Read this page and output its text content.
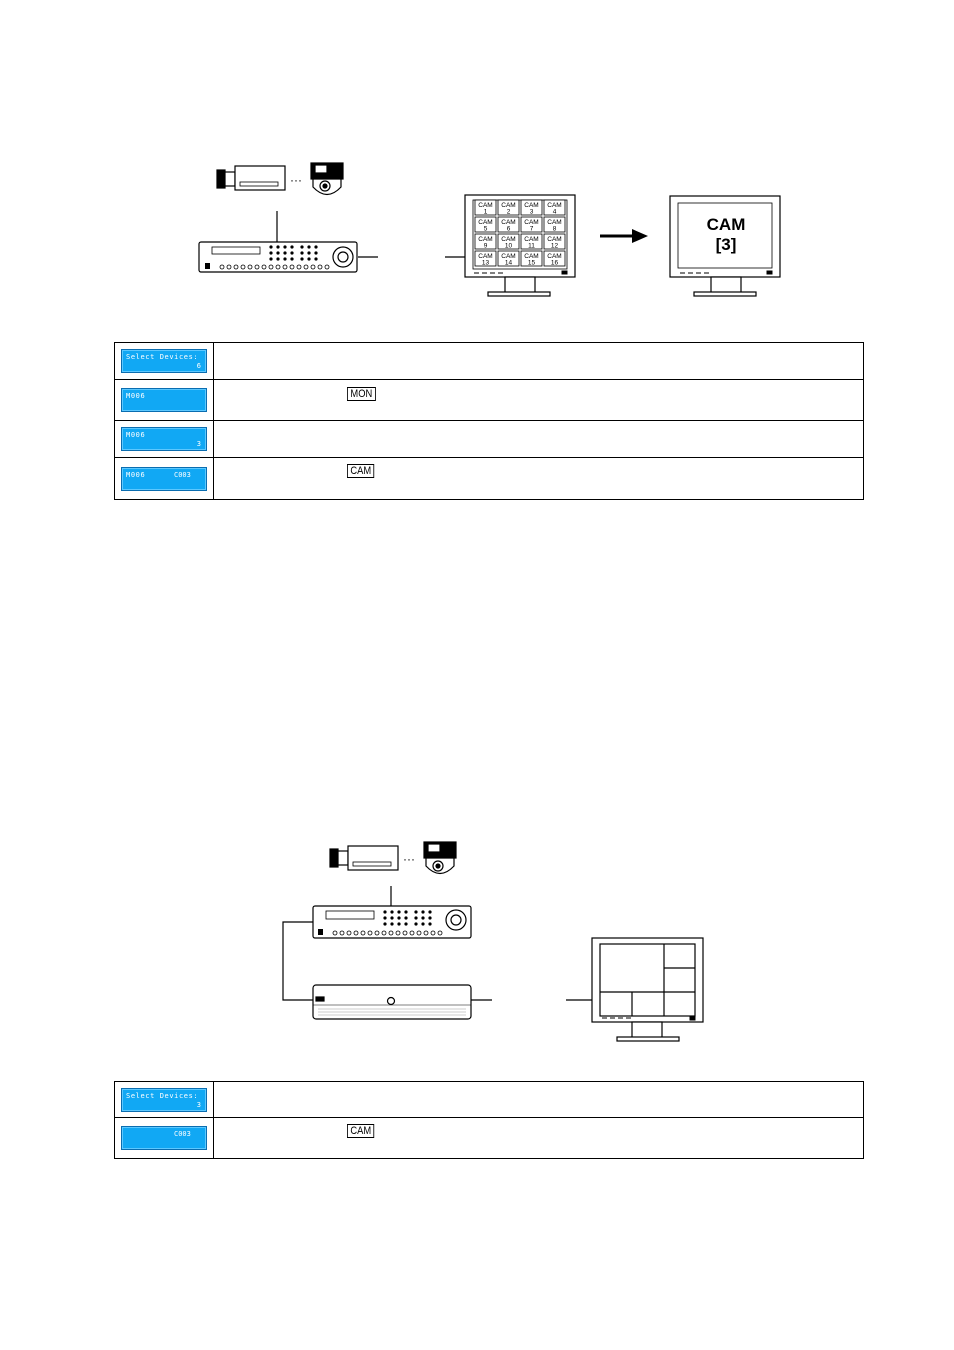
···
CAM
1
CAM
2
CAM
3
CAM
4
CAM
5
CAM
6
CAM
7
CAM
8
CAM
9
CAM
10
CAM
11
CAM
12
CAM
13
CAM
14
CAM
15
CAM
16
CAM
[3]
Select Devices:
6	

M006	MON

M006
3	

M006 C003	CAM
···
Select Devices:
3	

C003	CAM
